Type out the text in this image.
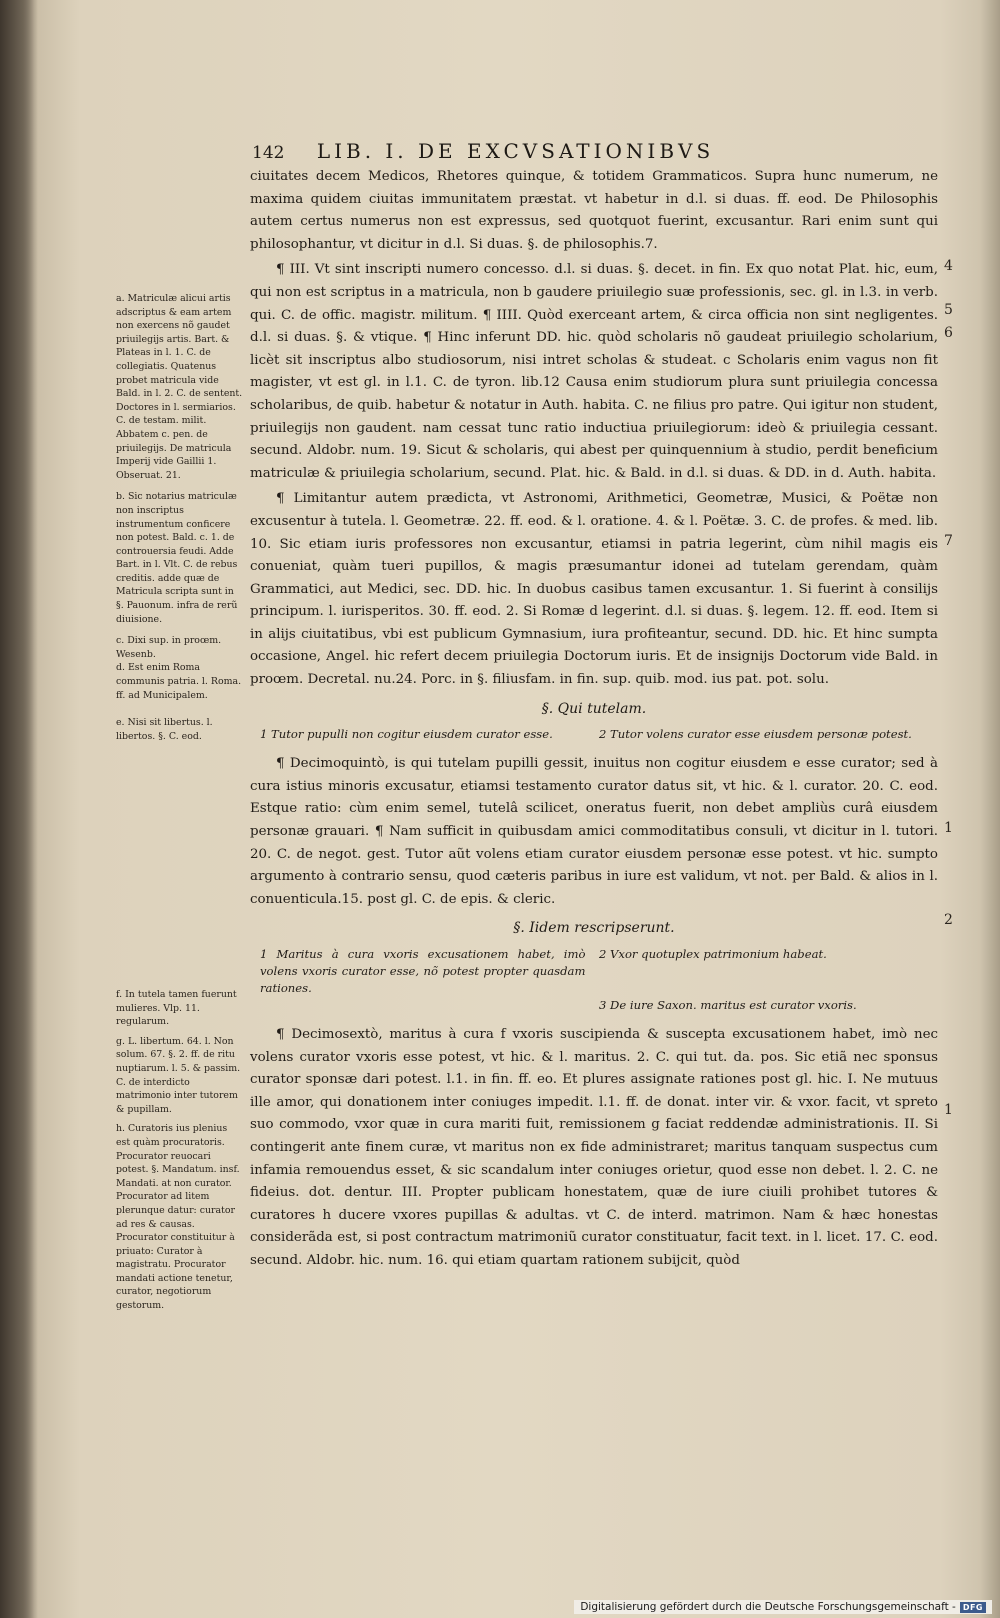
142 LIB. I. DE EXCVSATIONIBVS

a. Matriculæ alicui artis adscriptus & eam artem non exercens nõ gaudet priuilegijs artis. Bart. & Plateas in l. 1. C. de collegiatis. Quatenus probet matricula vide Bald. in l. 2. C. de sentent. Doctores in l. sermiarios. C. de testam. milit. Abbatem c. pen. de priuilegijs. De matricula Imperij vide Gaillii 1. Obseruat. 21.

b. Sic notarius matriculæ non inscriptus instrumentum conficere non potest. Bald. c. 1. de controuersia feudi. Adde Bart. in l. Vlt. C. de rebus creditis. adde quæ de Matricula scripta sunt in §. Pauonum. infra de rerũ diuisione.

c. Dixi sup. in proœm. Wesenb.

d. Est enim Roma communis patria. l. Roma. ff. ad Municipalem.

e. Nisi sit libertus. l. libertos. §. C. eod.

f. In tutela tamen fuerunt mulieres. Vlp. 11. regularum.

g. L. libertum. 64. l. Non solum. 67. §. 2. ff. de ritu nuptiarum. l. 5. & passim. C. de interdicto matrimonio inter tutorem & pupillam.

h. Curatoris ius plenius est quàm procuratoris. Procurator reuocari potest. §. Mandatum. insf. Mandati. at non curator. Procurator ad litem plerunque datur: curator ad res & causas. Procurator constituitur à priuato: Curator à magistratu. Procurator mandati actione tenetur, curator, negotiorum gestorum.

ciuitates decem Medicos, Rhetores quinque, & totidem Grammaticos. Supra hunc numerum, ne maxima quidem ciuitas immunitatem præstat. vt habetur in d.l. si duas. ff. eod. De Philosophis autem certus numerus non est expressus, sed quotquot fuerint, excusantur. Rari enim sunt qui philosophantur, vt dicitur in d.l. Si duas. §. de philosophis.7.

¶ III. Vt sint inscripti numero concesso. d.l. si duas. §. decet. in fin. Ex quo notat Plat. hic, eum, qui non est scriptus in a matricula, non b gaudere priuilegio suæ professionis, sec. gl. in l.3. in verb. qui. C. de offic. magistr. militum. ¶ IIII. Quòd exerceant artem, & circa officia non sint negligentes. d.l. si duas. §. & vtique. ¶ Hinc inferunt DD. hic. quòd scholaris nõ gaudeat priuilegio scholarium, licèt sit inscriptus albo studiosorum, nisi intret scholas & studeat. c Scholaris enim vagus non fit magister, vt est gl. in l.1. C. de tyron. lib.12 Causa enim studiorum plura sunt priuilegia concessa scholaribus, de quib. habetur & notatur in Auth. habita. C. ne filius pro patre. Qui igitur non student, priuilegijs non gaudent. nam cessat tunc ratio inductiua priuilegiorum: ideò & priuilegia cessant. secund. Aldobr. num. 19. Sicut & scholaris, qui abest per quinquennium à studio, perdit beneficium matriculæ & priuilegia scholarium, secund. Plat. hic. & Bald. in d.l. si duas. & DD. in d. Auth. habita.

¶ Limitantur autem prædicta, vt Astronomi, Arithmetici, Geometræ, Musici, & Poëtæ non excusentur à tutela. l. Geometræ. 22. ff. eod. & l. oratione. 4. & l. Poëtæ. 3. C. de profes. & med. lib. 10. Sic etiam iuris professores non excusantur, etiamsi in patria legerint, cùm nihil magis eis conueniat, quàm tueri pupillos, & magis præsumantur idonei ad tutelam gerendam, quàm Grammatici, aut Medici, sec. DD. hic. In duobus casibus tamen excusantur. 1. Si fuerint à consilijs principum. l. iurisperitos. 30. ff. eod. 2. Si Romæ d legerint. d.l. si duas. §. legem. 12. ff. eod. Item si in alijs ciuitatibus, vbi est publicum Gymnasium, iura profiteantur, secund. DD. hic. Et hinc sumpta occasione, Angel. hic refert decem priuilegia Doctorum iuris. Et de insignijs Doctorum vide Bald. in proœm. Decretal. nu.24. Porc. in §. filiusfam. in fin. sup. quib. mod. ius pat. pot. solu.

§. Qui tutelam.
1 Tutor pupulli non cogitur eiusdem curator esse.	2 Tutor volens curator esse eiusdem personæ potest.

¶ Decimoquintò, is qui tutelam pupilli gessit, inuitus non cogitur eiusdem e esse curator; sed à cura istius minoris excusatur, etiamsi testamento curator datus sit, vt hic. & l. curator. 20. C. eod. Estque ratio: cùm enim semel, tutelâ scilicet, oneratus fuerit, non debet ampliùs curâ eiusdem personæ grauari. ¶ Nam sufficit in quibusdam amici commoditatibus consuli, vt dicitur in l. tutori. 20. C. de negot. gest. Tutor aũt volens etiam curator eiusdem personæ esse potest. vt hic. sumpto argumento à contrario sensu, quod cæteris paribus in iure est validum, vt not. per Bald. & alios in l. conuenticula.15. post gl. C. de epis. & cleric.

§. Iidem rescripserunt.
1 Maritus à cura vxoris excusationem habet, imò volens vxoris curator esse, nõ potest propter quasdam rationes.
2 Vxor quotuplex patrimonium habeat.
3 De iure Saxon. maritus est curator vxoris.

¶ Decimosextò, maritus à cura f vxoris suscipienda & suscepta excusationem habet, imò nec volens curator vxoris esse potest, vt hic. & l. maritus. 2. C. qui tut. da. pos. Sic etiã nec sponsus curator sponsæ dari potest. l.1. in fin. ff. eo. Et plures assignate rationes post gl. hic. I. Ne mutuus ille amor, qui donationem inter coniuges impedit. l.1. ff. de donat. inter vir. & vxor. facit, vt spreto suo commodo, vxor quæ in cura mariti fuit, remissionem g faciat reddendæ administrationis. II. Si contingerit ante finem curæ, vt maritus non ex fide administraret; maritus tanquam suspectus cum infamia remouendus esset, & sic scandalum inter coniuges orietur, quod esse non debet. l. 2. C. ne fideius. dot. dentur. III. Propter publicam honestatem, quæ de iure ciuili prohibet tutores & curatores h ducere vxores pupillas & adultas. vt C. de interd. matrimon. Nam & hæc honestas considerãda est, si post contractum matrimoniũ curator constituatur, facit text. in l. licet. 17. C. eod. secund. Aldobr. hic. num. 16. qui etiam quartam rationem subijcit, quòd

4
5
6
7
1
2
1
Digitalisierung gefördert durch die Deutsche Forschungsgemeinschaft - DFG
